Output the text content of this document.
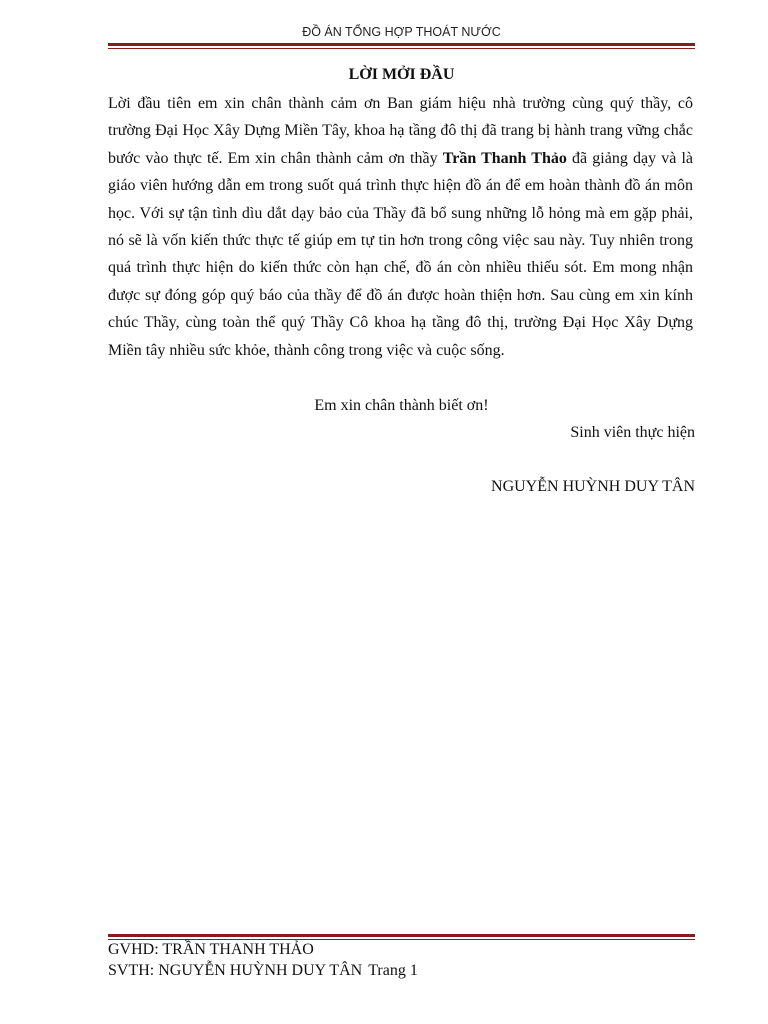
ĐỒ ÁN TỔNG HỢP THOÁT NƯỚC
LỜI MỞI ĐẦU

Lời đầu tiên em xin chân thành cảm ơn Ban giám hiệu nhà trường cùng quý thầy, cô trường Đại Học Xây Dựng Miền Tây, khoa hạ tầng đô thị đã trang bị hành trang vững chắc bước vào thực tế. Em xin chân thành cảm ơn thầy Trần Thanh Thảo đã giảng dạy và là giáo viên hướng dẫn em trong suốt quá trình thực hiện đồ án để em hoàn thành đồ án môn học. Với sự tận tình dìu dắt dạy bảo của Thầy đã bổ sung những lỗ hỏng mà em gặp phải, nó sẽ là vốn kiến thức thực tế giúp em tự tin hơn trong công việc sau này. Tuy nhiên trong quá trình thực hiện do kiến thức còn hạn chế, đồ án còn nhiều thiếu sót. Em mong nhận được sự đóng góp quý báo của thầy để đồ án được hoàn thiện hơn. Sau cùng em xin kính chúc Thầy, cùng toàn thể quý Thầy Cô khoa hạ tầng đô thị, trường Đại Học Xây Dựng Miền tây nhiều sức khỏe, thành công trong việc và cuộc sống.

Em xin chân thành biết ơn!
Sinh viên thực hiện
NGUYỄN HUỲNH DUY TÂN
GVHD: TRẦN THANH THẢO
SVTH: NGUYỄN HUỲNH DUY TÂN Trang 1
